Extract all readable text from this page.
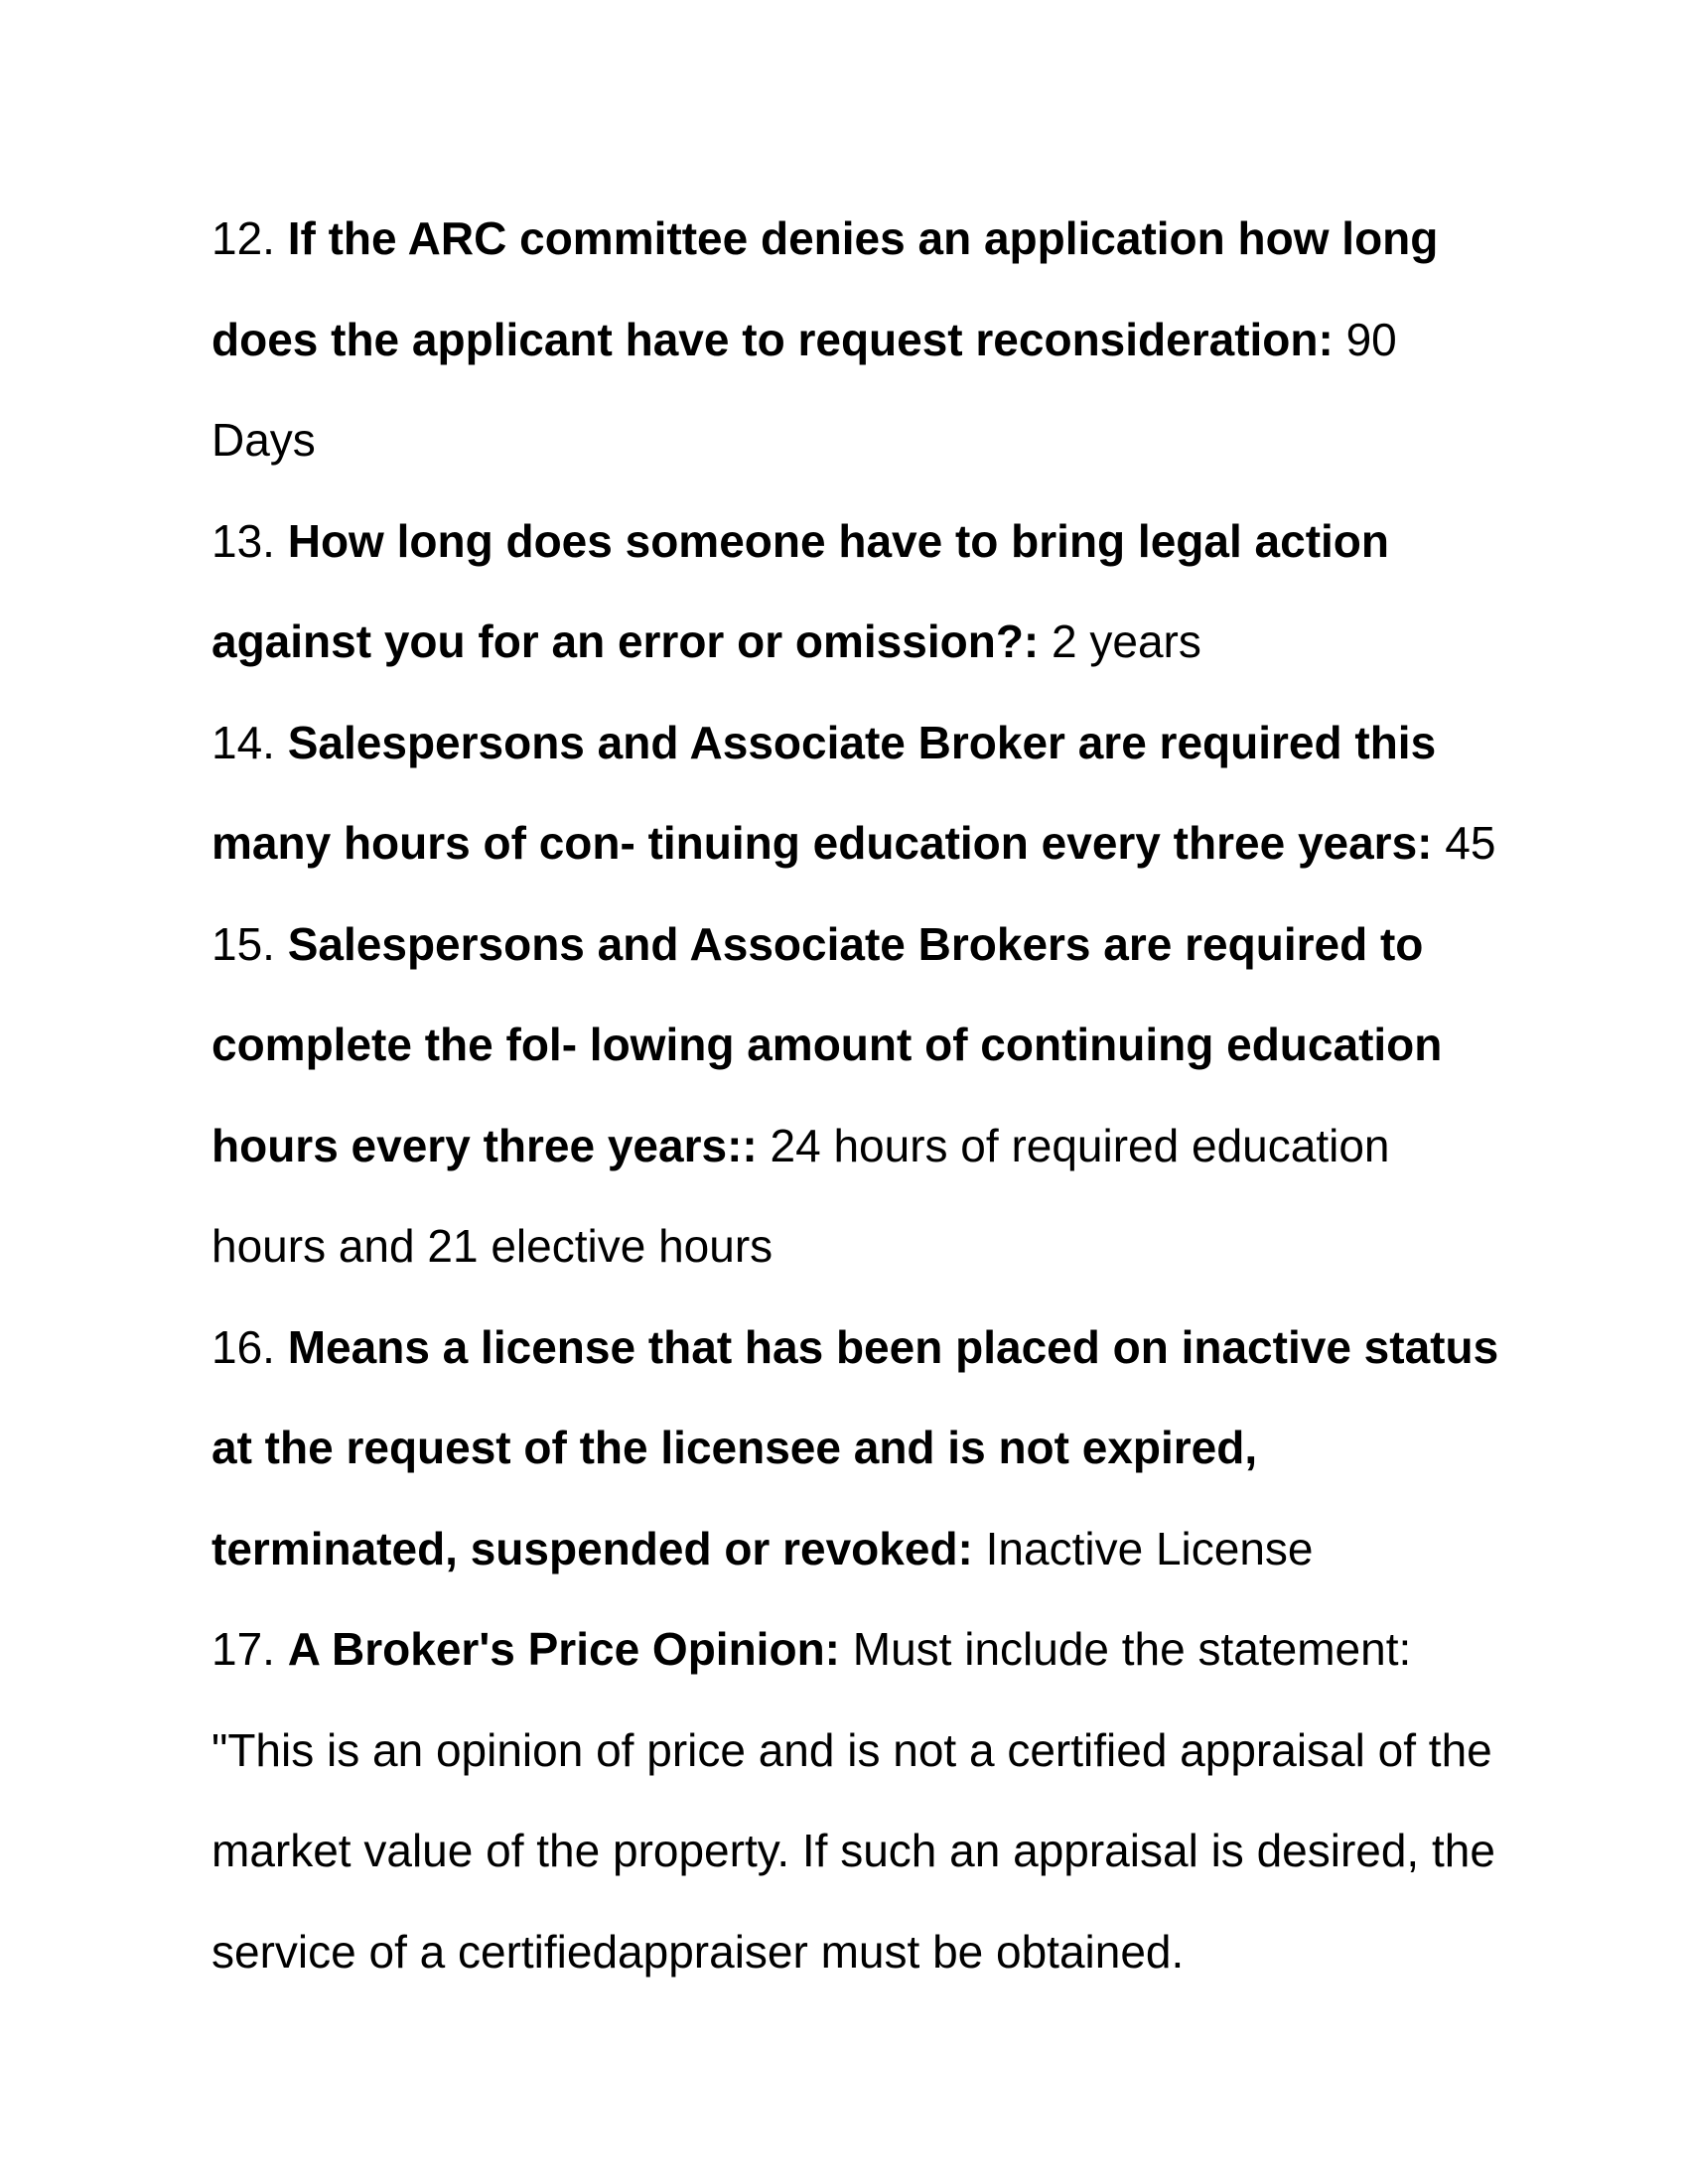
12. If the ARC committee denies an application how long does the applicant have to request reconsideration: 90 Days

13. How long does someone have to bring legal action against you for an error or omission?: 2 years

14. Salespersons and Associate Broker are required this many hours of con- tinuing education every three years: 45

15. Salespersons and Associate Brokers are required to complete the fol- lowing amount of continuing education hours every three years:: 24 hours of required education hours and 21 elective hours

16. Means a license that has been placed on inactive status at the request of the licensee and is not expired, terminated, suspended or revoked: Inactive License

17. A Broker's Price Opinion: Must include the statement: "This is an opinion of price and is not a certified appraisal of the market value of the property. If such an appraisal is desired, the service of a certifiedappraiser must be obtained.
